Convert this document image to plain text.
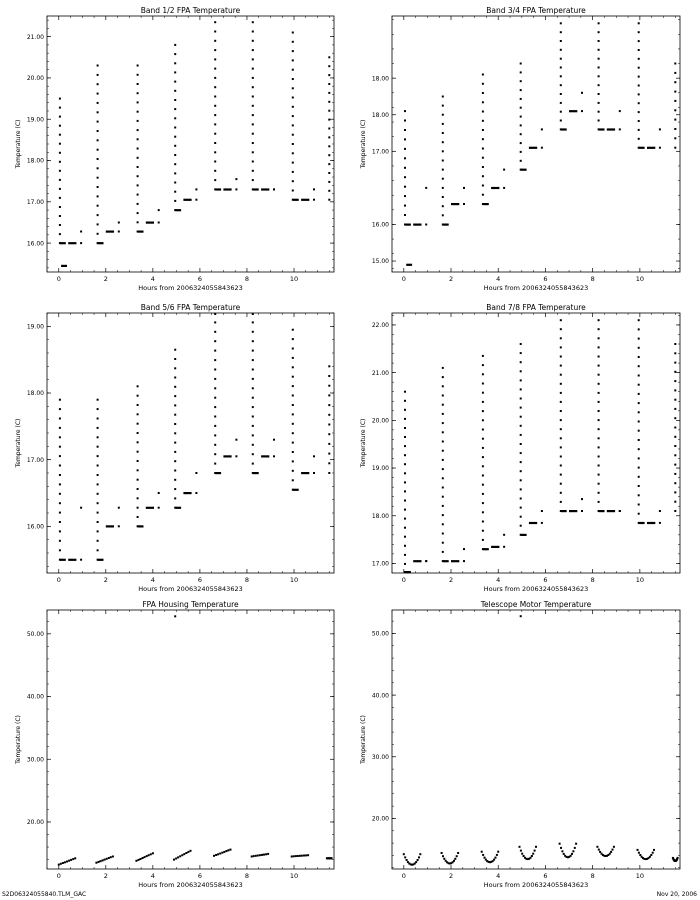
Band 1/2 FPA Temperature
Hours from 2006324055843623
Temperature (C)
0	2	4	6	8	10
16.00
17.00
18.00
19.00
20.00
21.00
Band 3/4 FPA Temperature
Hours from 2006324055843623
Temperature (C)
0	2	4	6	8	10
16.00
17.00
18.00
15.00
18.00
Band 5/6 FPA Temperature
Hours from 2006324055843623
Temperature (C)
0	2	4	6	8	10
16.00
17.00
18.00
19.00
Band 7/8 FPA Temperature
Hours from 2006324055843623
Temperature (C)
0	2	4	6	8	10
17.00
18.00
19.00
20.00
21.00
22.00
FPA Housing Temperature
Hours from 2006324055843623
Temperature (C)
0	2	4	6	8	10
20.00
30.00
40.00
50.00
Telescope Motor Temperature
Hours from 2006324055843623
Temperature (C)
0	2	4	6	8	10
20.00
30.00
40.00
50.00
S2D06324055840.TLM_GAC	Nov 20, 2006
